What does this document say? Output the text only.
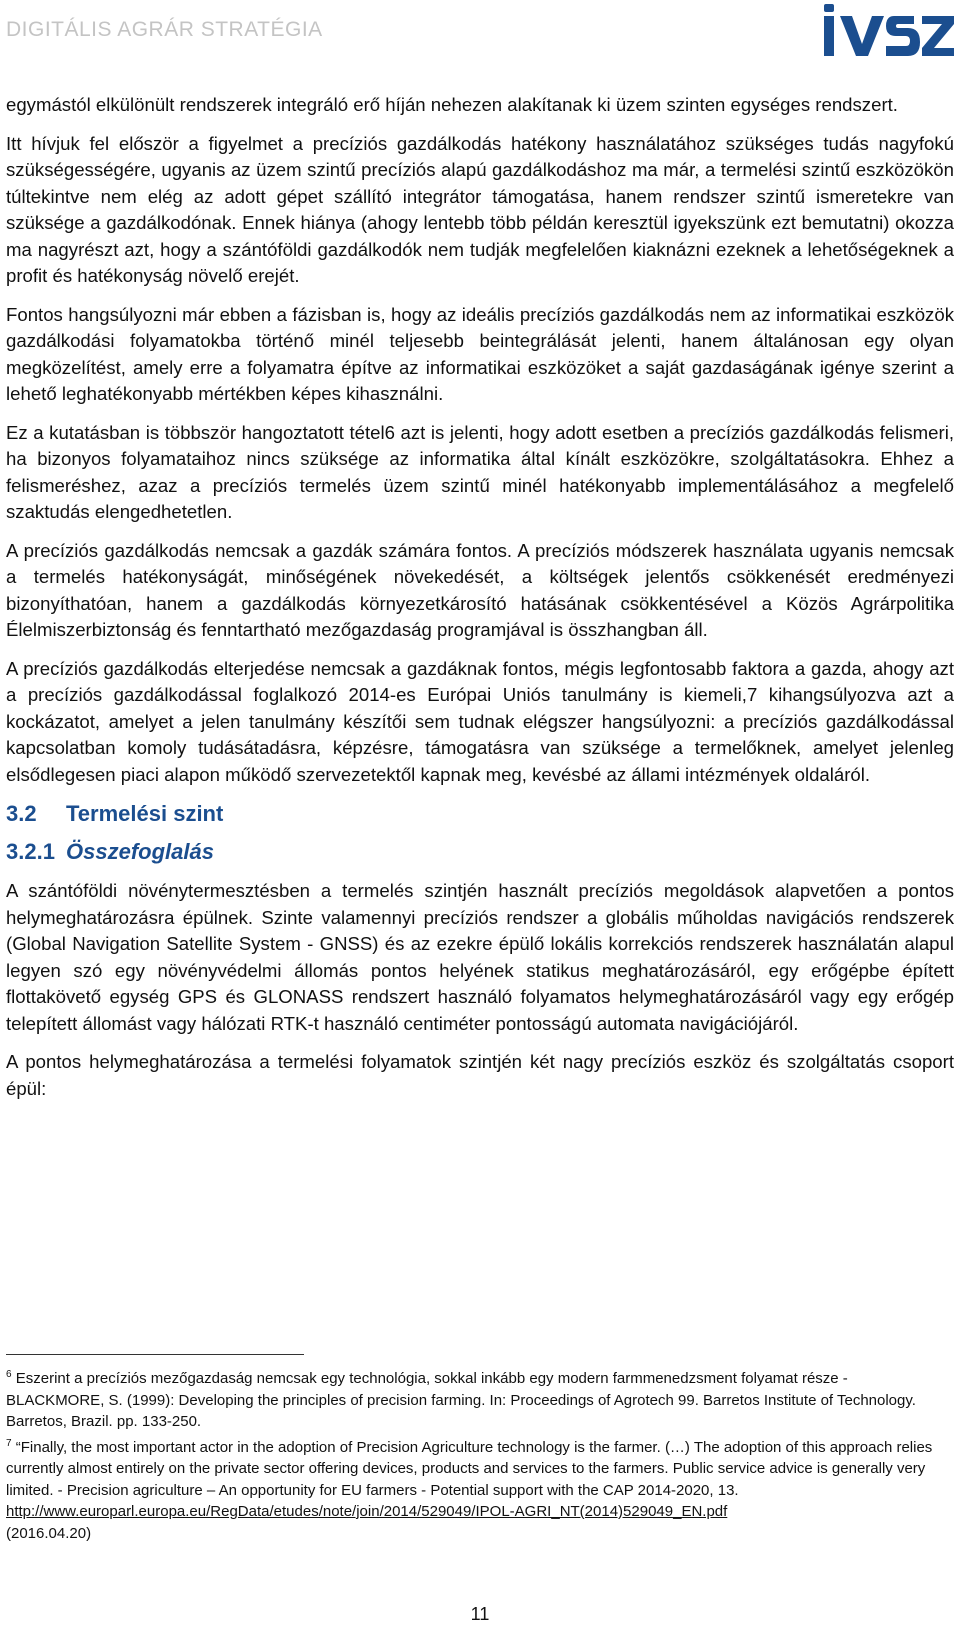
DIGITÁLIS AGRÁR STRATÉGIA
IVSZ

egymástól elkülönült rendszerek integráló erő híján nehezen alakítanak ki üzem szinten egységes rendszert.

Itt hívjuk fel először a figyelmet a precíziós gazdálkodás hatékony használatához szükséges tudás nagyfokú szükségességére, ugyanis az üzem szintű precíziós alapú gazdálkodáshoz ma már, a termelési szintű eszközökön túltekintve nem elég az adott gépet szállító integrátor támogatása, hanem rendszer szintű ismeretekre van szüksége a gazdálkodónak. Ennek hiánya (ahogy lentebb több példán keresztül igyekszünk ezt bemutatni) okozza ma nagyrészt azt, hogy a szántóföldi gazdálkodók nem tudják megfelelően kiaknázni ezeknek a lehetőségeknek a profit és hatékonyság növelő erejét.

Fontos hangsúlyozni már ebben a fázisban is, hogy az ideális precíziós gazdálkodás nem az informatikai eszközök gazdálkodási folyamatokba történő minél teljesebb beintegrálását jelenti, hanem általánosan egy olyan megközelítést, amely erre a folyamatra építve az informatikai eszközöket a saját gazdaságának igénye szerint a lehető leghatékonyabb mértékben képes kihasználni.

Ez a kutatásban is többször hangoztatott tétel6 azt is jelenti, hogy adott esetben a precíziós gazdálkodás felismeri, ha bizonyos folyamataihoz nincs szüksége az informatika által kínált eszközökre, szolgáltatásokra. Ehhez a felismeréshez, azaz a precíziós termelés üzem szintű minél hatékonyabb implementálásához a megfelelő szaktudás elengedhetetlen.

A precíziós gazdálkodás nemcsak a gazdák számára fontos. A precíziós módszerek használata ugyanis nemcsak a termelés hatékonyságát, minőségének növekedését, a költségek jelentős csökkenését eredményezi bizonyíthatóan, hanem a gazdálkodás környezetkárosító hatásának csökkentésével a Közös Agrárpolitika Élelmiszerbiztonság és fenntartható mezőgazdaság programjával is összhangban áll.

A precíziós gazdálkodás elterjedése nemcsak a gazdáknak fontos, mégis legfontosabb faktora a gazda, ahogy azt a precíziós gazdálkodással foglalkozó 2014-es Európai Uniós tanulmány is kiemeli,7 kihangsúlyozva azt a kockázatot, amelyet a jelen tanulmány készítői sem tudnak elégszer hangsúlyozni: a precíziós gazdálkodással kapcsolatban komoly tudásátadásra, képzésre, támogatásra van szüksége a termelőknek, amelyet jelenleg elsődlegesen piaci alapon működő szervezetektől kapnak meg, kevésbé az állami intézmények oldaláról.

3.2 Termelési szint
3.2.1 Összefoglalás

A szántóföldi növénytermesztésben a termelés szintjén használt precíziós megoldások alapvetően a pontos helymeghatározásra épülnek. Szinte valamennyi precíziós rendszer a globális műholdas navigációs rendszerek (Global Navigation Satellite System - GNSS) és az ezekre épülő lokális korrekciós rendszerek használatán alapul legyen szó egy növényvédelmi állomás pontos helyének statikus meghatározásáról, egy erőgépbe épített flottakövető egység GPS és GLONASS rendszert használó folyamatos helymeghatározásáról vagy egy erőgép telepített állomást vagy hálózati RTK-t használó centiméter pontosságú automata navigációjáról.

A pontos helymeghatározása a termelési folyamatok szintjén két nagy precíziós eszköz és szolgáltatás csoport épül:

$^6$ Eszerint a precíziós mezőgazdaság nemcsak egy technológia, sokkal inkább egy modern farmmenedzsment folyamat része - BLACKMORE, S. (1999): Developing the principles of precision farming. In: Proceedings of Agrotech 99. Barretos Institute of Technology. Barretos, Brazil. pp. 133-250.

$^7$ “Finally, the most important actor in the adoption of Precision Agriculture technology is the farmer. (…) The adoption of this approach relies currently almost entirely on the private sector offering devices, products and services to the farmers. Public service advice is generally very limited. - Precision agriculture – An opportunity for EU farmers - Potential support with the CAP 2014-2020, 13.
http://www.europarl.europa.eu/RegData/etudes/note/join/2014/529049/IPOL-AGRI_NT(2014)529049_EN.pdf
(2016.04.20)

11
